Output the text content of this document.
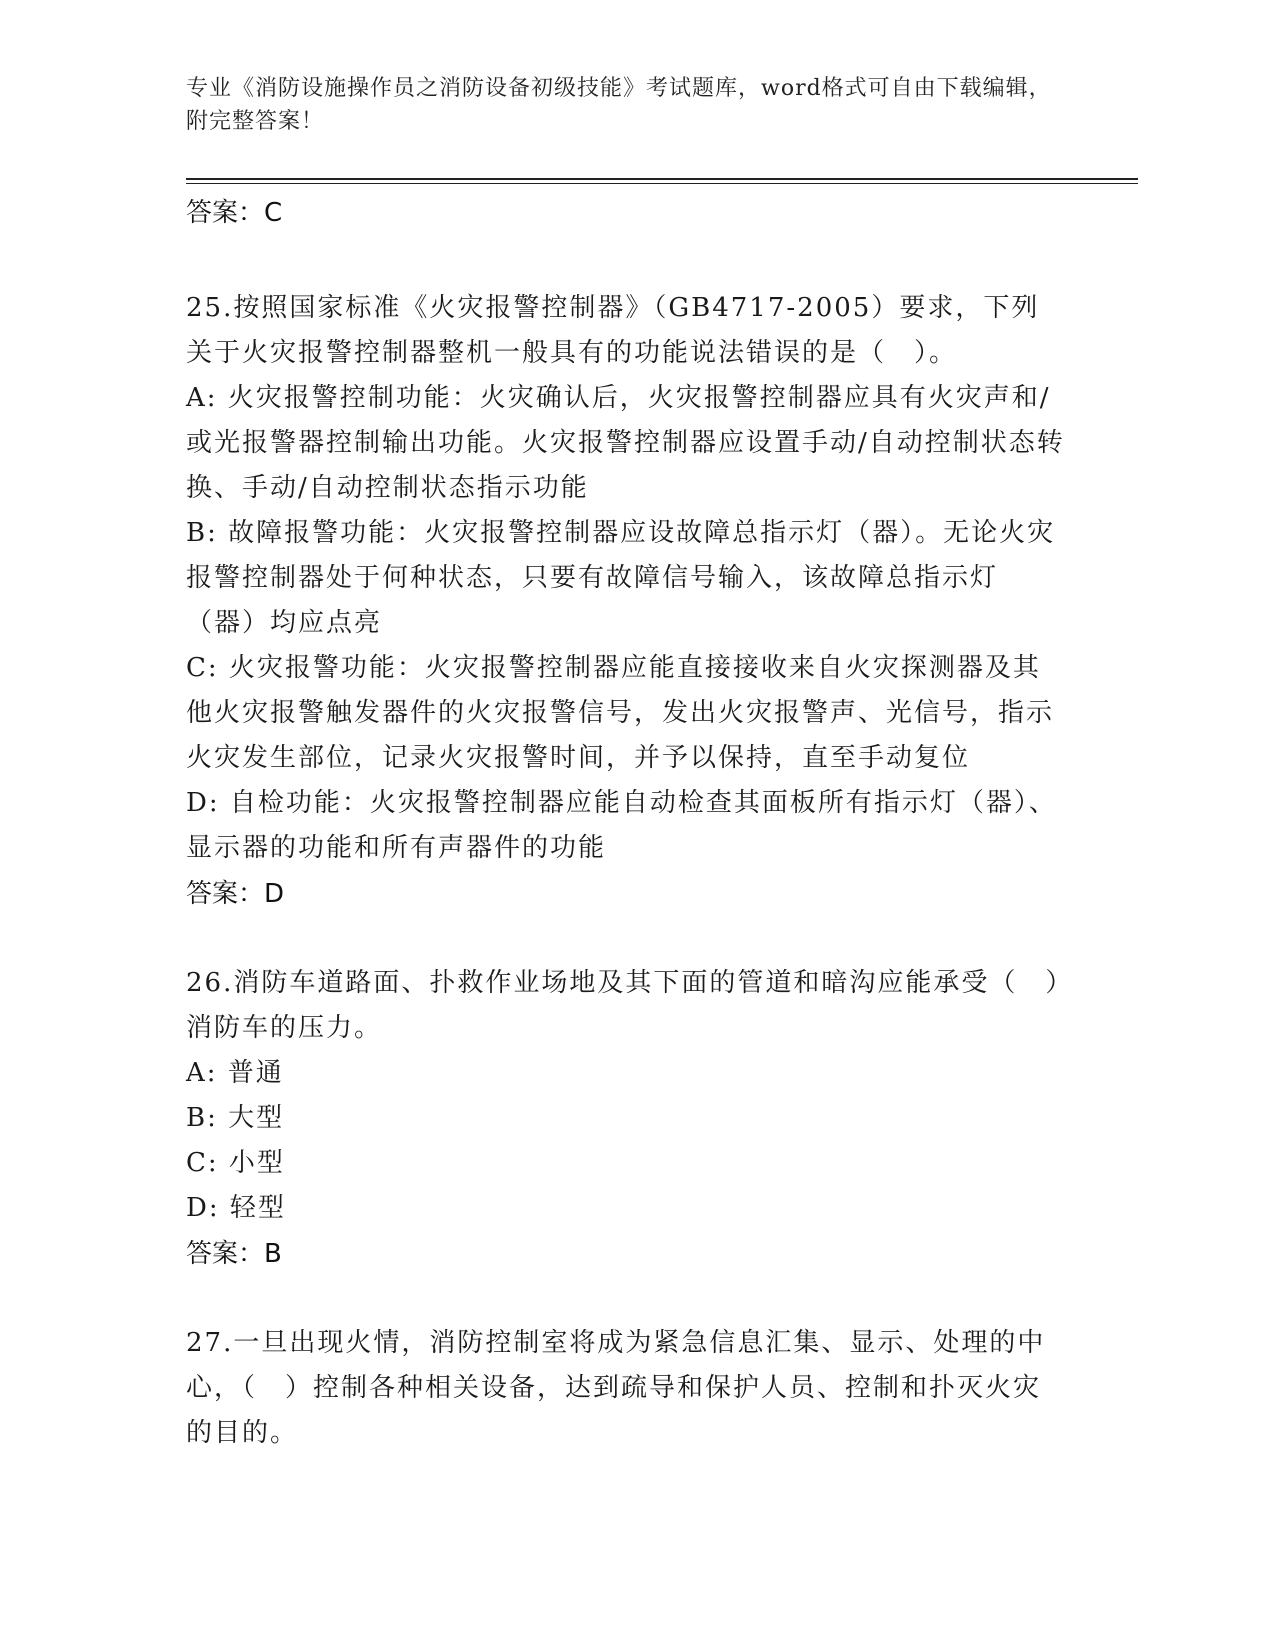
专业《消防设施操作员之消防设备初级技能》考试题库，word格式可自由下载编辑，附完整答案！

答案：C

25.按照国家标准《火灾报警控制器》（GB4717-2005）要求，下列关于火灾报警控制器整机一般具有的功能说法错误的是（　）。

A: 火灾报警控制功能：火灾确认后，火灾报警控制器应具有火灾声和/或光报警器控制输出功能。火灾报警控制器应设置手动/自动控制状态转换、手动/自动控制状态指示功能

B: 故障报警功能：火灾报警控制器应设故障总指示灯（器）。无论火灾报警控制器处于何种状态，只要有故障信号输入，该故障总指示灯（器）均应点亮

C: 火灾报警功能：火灾报警控制器应能直接接收来自火灾探测器及其他火灾报警触发器件的火灾报警信号，发出火灾报警声、光信号，指示火灾发生部位，记录火灾报警时间，并予以保持，直至手动复位

D: 自检功能：火灾报警控制器应能自动检查其面板所有指示灯（器）、显示器的功能和所有声器件的功能

答案：D

26.消防车道路面、扑救作业场地及其下面的管道和暗沟应能承受（　）消防车的压力。

A: 普通

B: 大型

C: 小型

D: 轻型

答案：B

27.一旦出现火情，消防控制室将成为紧急信息汇集、显示、处理的中心，（　）控制各种相关设备，达到疏导和保护人员、控制和扑灭火灾的目的。
